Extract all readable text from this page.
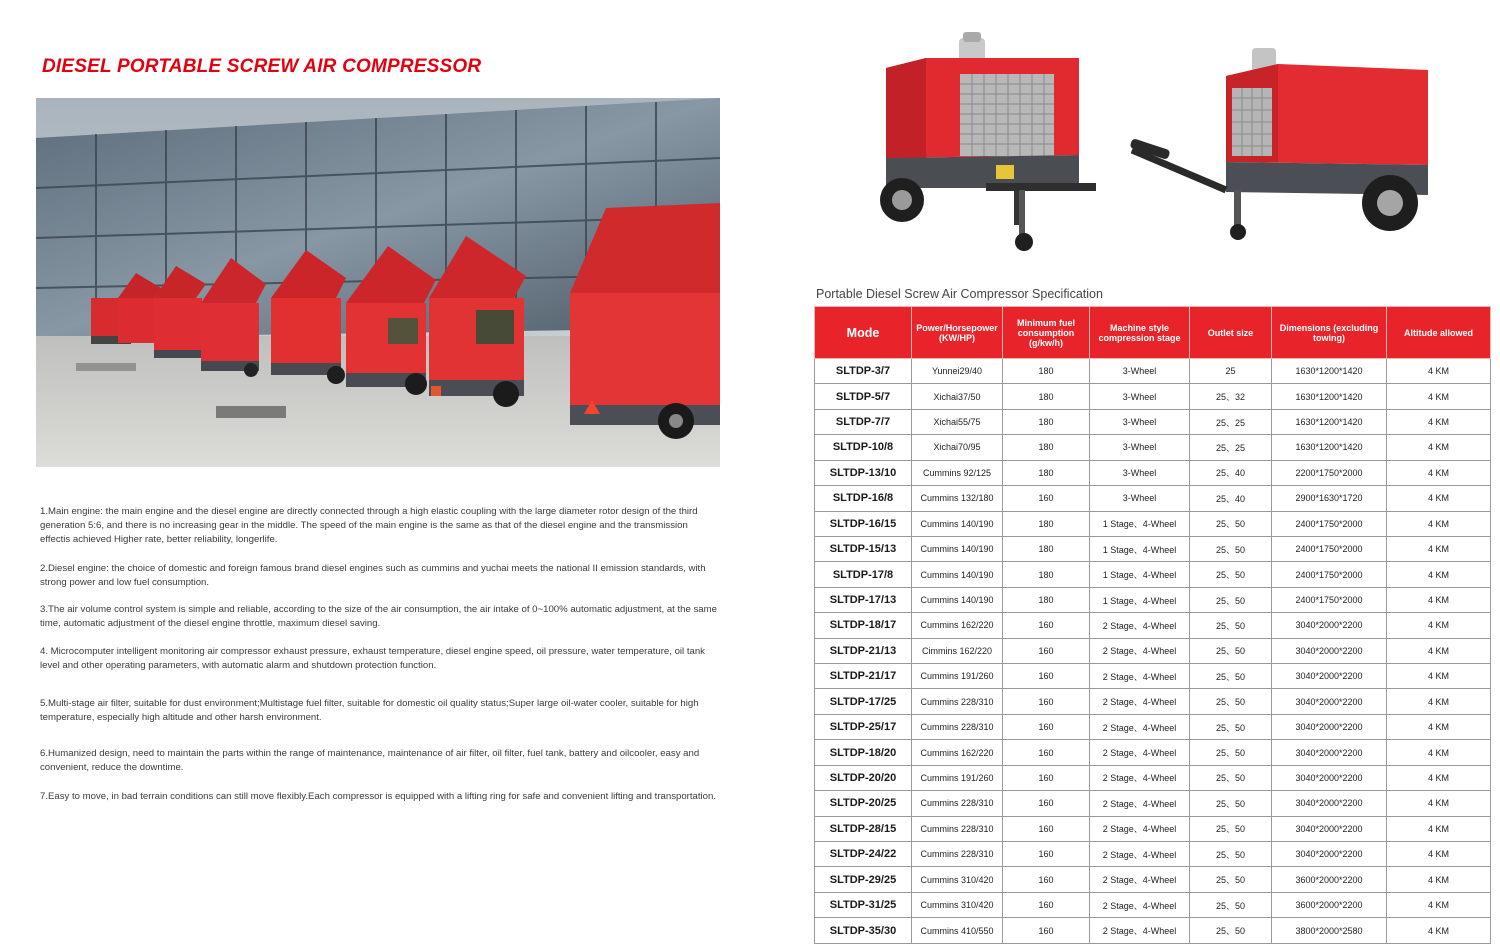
DIESEL PORTABLE SCREW AIR COMPRESSOR

1.Main engine: the main engine and the diesel engine are directly connected through a high elastic coupling with the large diameter rotor design of the third generation 5:6, and there is no increasing gear in the middle. The speed of the main engine is the same as that of the diesel engine and the transmission effectis achieved Higher rate, better reliability, longerlife.

2.Diesel engine: the choice of domestic and foreign famous brand diesel engines such as cummins and yuchai meets the national II emission standards, with strong power and low fuel consumption.

3.The air volume control system is simple and reliable, according to the size of the air consumption, the air intake of 0~100% automatic adjustment, at the same time, automatic adjustment of the diesel engine throttle, maximum diesel saving.

4. Microcomputer intelligent monitoring air compressor exhaust pressure, exhaust temperature, diesel engine speed, oil pressure, water temperature, oil tank level and other operating parameters, with automatic alarm and shutdown protection function.

5.Multi-stage air filter, suitable for dust environment;Multistage fuel filter, suitable for domestic oil quality status;Super large oil-water cooler, suitable for high temperature, especially high altitude and other harsh environment.

6.Humanized design, need to maintain the parts within the range of maintenance, maintenance of air filter, oil filter, fuel tank, battery and oilcooler, easy and convenient, reduce the downtime.

7.Easy to move, in bad terrain conditions can still move flexibly.Each compressor is equipped with a lifting ring for safe and convenient lifting and transportation.

Portable Diesel Screw Air Compressor Specification
Mode	Power/Horsepower (KW/HP)	Minimum fuel consumption (g/kw/h)	Machine style compression stage	Outlet size	Dimensions (excluding towing)	Altitude allowed
SLTDP-3/7	Yunnei29/40	180	3-Wheel	25	1630*1200*1420	4 KM
SLTDP-5/7	Xichai37/50	180	3-Wheel	25、32	1630*1200*1420	4 KM
SLTDP-7/7	Xichai55/75	180	3-Wheel	25、25	1630*1200*1420	4 KM
SLTDP-10/8	Xichai70/95	180	3-Wheel	25、25	1630*1200*1420	4 KM
SLTDP-13/10	Cummins 92/125	180	3-Wheel	25、40	2200*1750*2000	4 KM
SLTDP-16/8	Cummins 132/180	160	3-Wheel	25、40	2900*1630*1720	4 KM
SLTDP-16/15	Cummins 140/190	180	1 Stage、4-Wheel	25、50	2400*1750*2000	4 KM
SLTDP-15/13	Cummins 140/190	180	1 Stage、4-Wheel	25、50	2400*1750*2000	4 KM
SLTDP-17/8	Cummins 140/190	180	1 Stage、4-Wheel	25、50	2400*1750*2000	4 KM
SLTDP-17/13	Cummins 140/190	180	1 Stage、4-Wheel	25、50	2400*1750*2000	4 KM
SLTDP-18/17	Cummins 162/220	160	2 Stage、4-Wheel	25、50	3040*2000*2200	4 KM
SLTDP-21/13	Cimmins 162/220	160	2 Stage、4-Wheel	25、50	3040*2000*2200	4 KM
SLTDP-21/17	Cummins 191/260	160	2 Stage、4-Wheel	25、50	3040*2000*2200	4 KM
SLTDP-17/25	Cummins 228/310	160	2 Stage、4-Wheel	25、50	3040*2000*2200	4 KM
SLTDP-25/17	Cummins 228/310	160	2 Stage、4-Wheel	25、50	3040*2000*2200	4 KM
SLTDP-18/20	Cummins 162/220	160	2 Stage、4-Wheel	25、50	3040*2000*2200	4 KM
SLTDP-20/20	Cummins 191/260	160	2 Stage、4-Wheel	25、50	3040*2000*2200	4 KM
SLTDP-20/25	Cummins 228/310	160	2 Stage、4-Wheel	25、50	3040*2000*2200	4 KM
SLTDP-28/15	Cummins 228/310	160	2 Stage、4-Wheel	25、50	3040*2000*2200	4 KM
SLTDP-24/22	Cummins 228/310	160	2 Stage、4-Wheel	25、50	3040*2000*2200	4 KM
SLTDP-29/25	Cummins 310/420	160	2 Stage、4-Wheel	25、50	3600*2000*2200	4 KM
SLTDP-31/25	Cummins 310/420	160	2 Stage、4-Wheel	25、50	3600*2000*2200	4 KM
SLTDP-35/30	Cummins 410/550	160	2 Stage、4-Wheel	25、50	3800*2000*2580	4 KM
